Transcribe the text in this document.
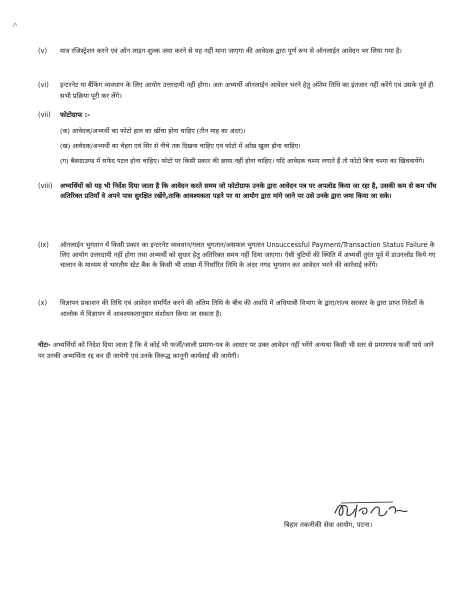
(v) मात्र रजिस्ट्रेशन करने एवं ऑन लाइन शुल्क जमा करने से यह नहीं माना जाएगा की आवेदक द्वारा पूर्ण रूप से ऑनलाईन आवेदन भर लिया गया है।
(vi) इन्टरनेट या बैंकिंग व्यवधान के लिए आयोग उत्तरदायी नहीं होगा। अतः अभ्यर्थी ऑनलाईन आवेदन भरने हेतु अंतिम तिथि का इंतजार नहीं करेंगे एवं उसके पूर्व ही सभी प्रक्रिया पूरी कर लेंगे।
(vii) फोटोग्राफ :-
(क) आवेदक/अभ्यर्थी का फोटो हाल का खींचा होना चाहिए (तीन माह का अंदर)।
(ख) आवेदक/अभ्यर्थी का चेहरा एवं सिर से नीचे तक दिखना चाहिए एवं फोटो में आँख खुला होना चाहिए।
(ग) बैकग्राउण्ड में सफेद पटल होना चाहिए। फोटो पर किसी प्रकार की छाया नहीं होना चाहिए। यदि आवेदक चश्मा लगाते हैं तो फोटो बिना चश्मा का खिचवायेंगे।
(viii) अभ्यर्थियों को यह भी निर्देश दिया जाता है कि आवेदन करते समय जो फोटोग्राफ उनके द्वारा आवेदन पत्र पर अपलोड किया जा रहा है, उसकी कम से कम पाँच अतिरिक्त प्रतियाँ वे अपने पास सुरक्षित रखेंगे,ताकि आवश्यकता पड़ने पर या आयोग द्वारा मांगे जाने पर उसे उनके द्वारा जमा किया जा सके।
(ix) ऑनलाईन भुगतान में किसी प्रकार का इन्टरनेट व्यवधान/गलत भुगतान/असफल भुगतान Unsuccessful Payment/Transaction Status Failure के लिए आयोग उत्तरदायी नहीं होगा तथा अभ्यर्थी को सुधार हेतु अतिरिक्त समय नहीं दिया जाएगा। ऐसी त्रुटियों की स्थिति में अभ्यर्थी तुरंत पूर्व में डाउनलोड किये गए चालान के माध्यम से भारतीय स्टेट बैंक के किसी भी शाखा में निर्धारित तिथि के अंदर नगद भुगतान कर आवेदन भरने की कार्रवाई करेंगे।
(x) विज्ञापन प्रकाशन की तिथि एवं आवेदन समर्पित करने की अंतिम तिथि के बीच की अवधि में अधियाची विभाग के द्वारा/राज्य सरकार के द्वारा प्राप्त निदेशों के आलोक में विज्ञापन में आवश्यकतानुसार संशोधन किया जा सकता है।
नोटः- अभ्यर्थियों को निदेश दिया जाता है कि वे कोई भी फर्जी/जाली प्रमाण-पत्र के आधार पर उक्त आवेदन नहीं भरेंगे अन्यथा किसी भी स्तर से प्रमाणपत्र फर्जी पाये जाने पर उनकी अभ्यर्थिता रद्द कर दी जायेगी एवं उनके विरूद्ध कानूनी कार्यवाई की जायेगी।
बिहार तकनीकी सेवा आयोग, पटना।
